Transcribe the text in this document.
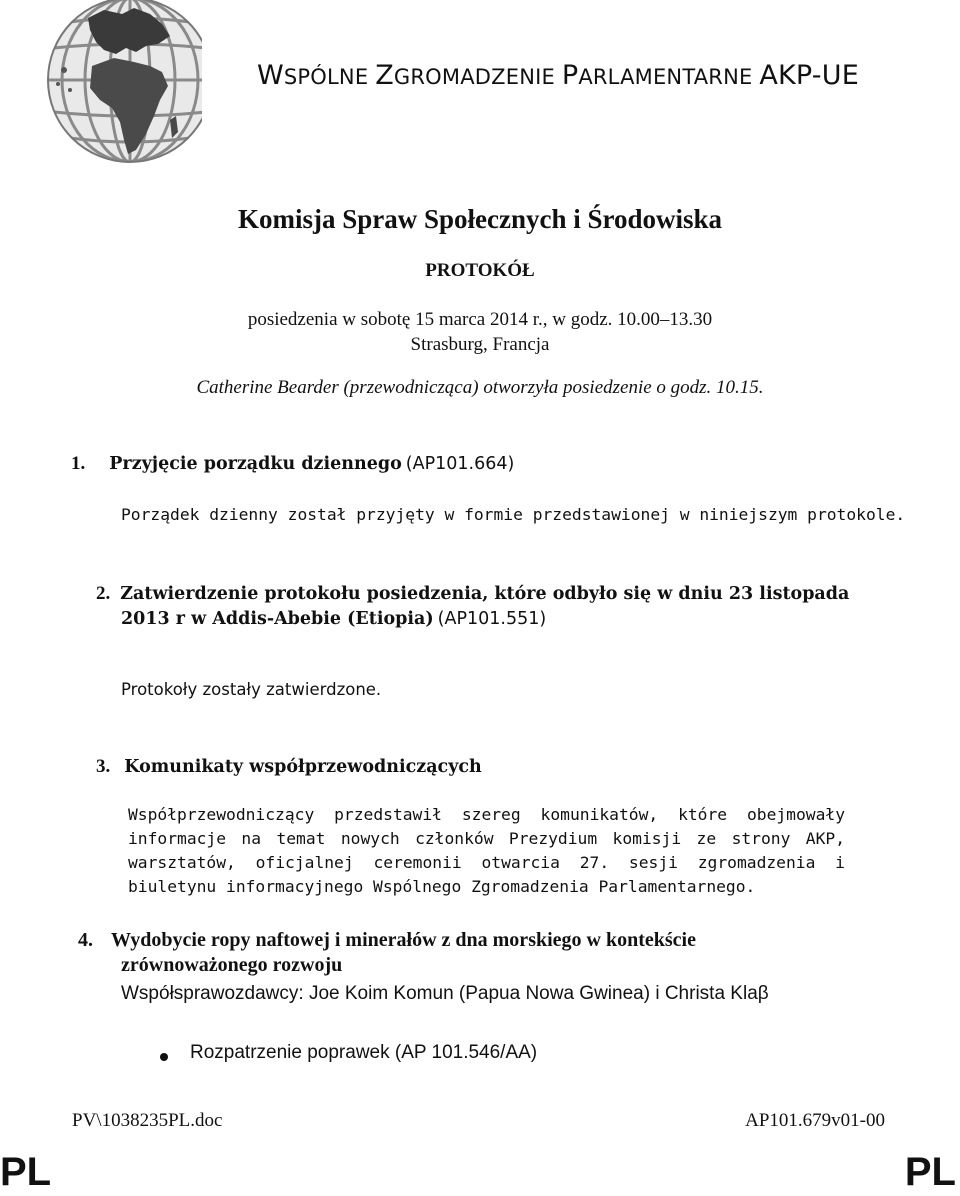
WSPÓLNE ZGROMADZENIE PARLAMENTARNE AKP-UE
Komisja Spraw Społecznych i Środowiska
PROTOKÓŁ
posiedzenia w sobotę 15 marca 2014 r., w godz. 10.00–13.30
Strasburg, Francja
Catherine Bearder (przewodnicząca) otworzyła posiedzenie o godz. 10.15.
1. Przyjęcie porządku dziennego (AP101.664)
Porządek dzienny został przyjęty w formie przedstawionej w niniejszym protokole.
2. Zatwierdzenie protokołu posiedzenia, które odbyło się w dniu 23 listopada
2013 r w Addis-Abebie (Etiopia) (AP101.551)
Protokoły zostały zatwierdzone.
3. Komunikaty współprzewodniczących
Współprzewodniczący przedstawił szereg komunikatów, które obejmowały informacje na temat nowych członków Prezydium komisji ze strony AKP, warsztatów, oficjalnej ceremonii otwarcia 27. sesji zgromadzenia i biuletynu informacyjnego Wspólnego Zgromadzenia Parlamentarnego.
4. Wydobycie ropy naftowej i minerałów z dna morskiego w kontekście
zrównoważonego rozwoju
Współsprawozdawcy: Joe Koim Komun (Papua Nowa Gwinea) i Christa Klaβ
Rozpatrzenie poprawek (AP 101.546/AA)
PV\1038235PL.doc	AP101.679v01-00
PL	PL
